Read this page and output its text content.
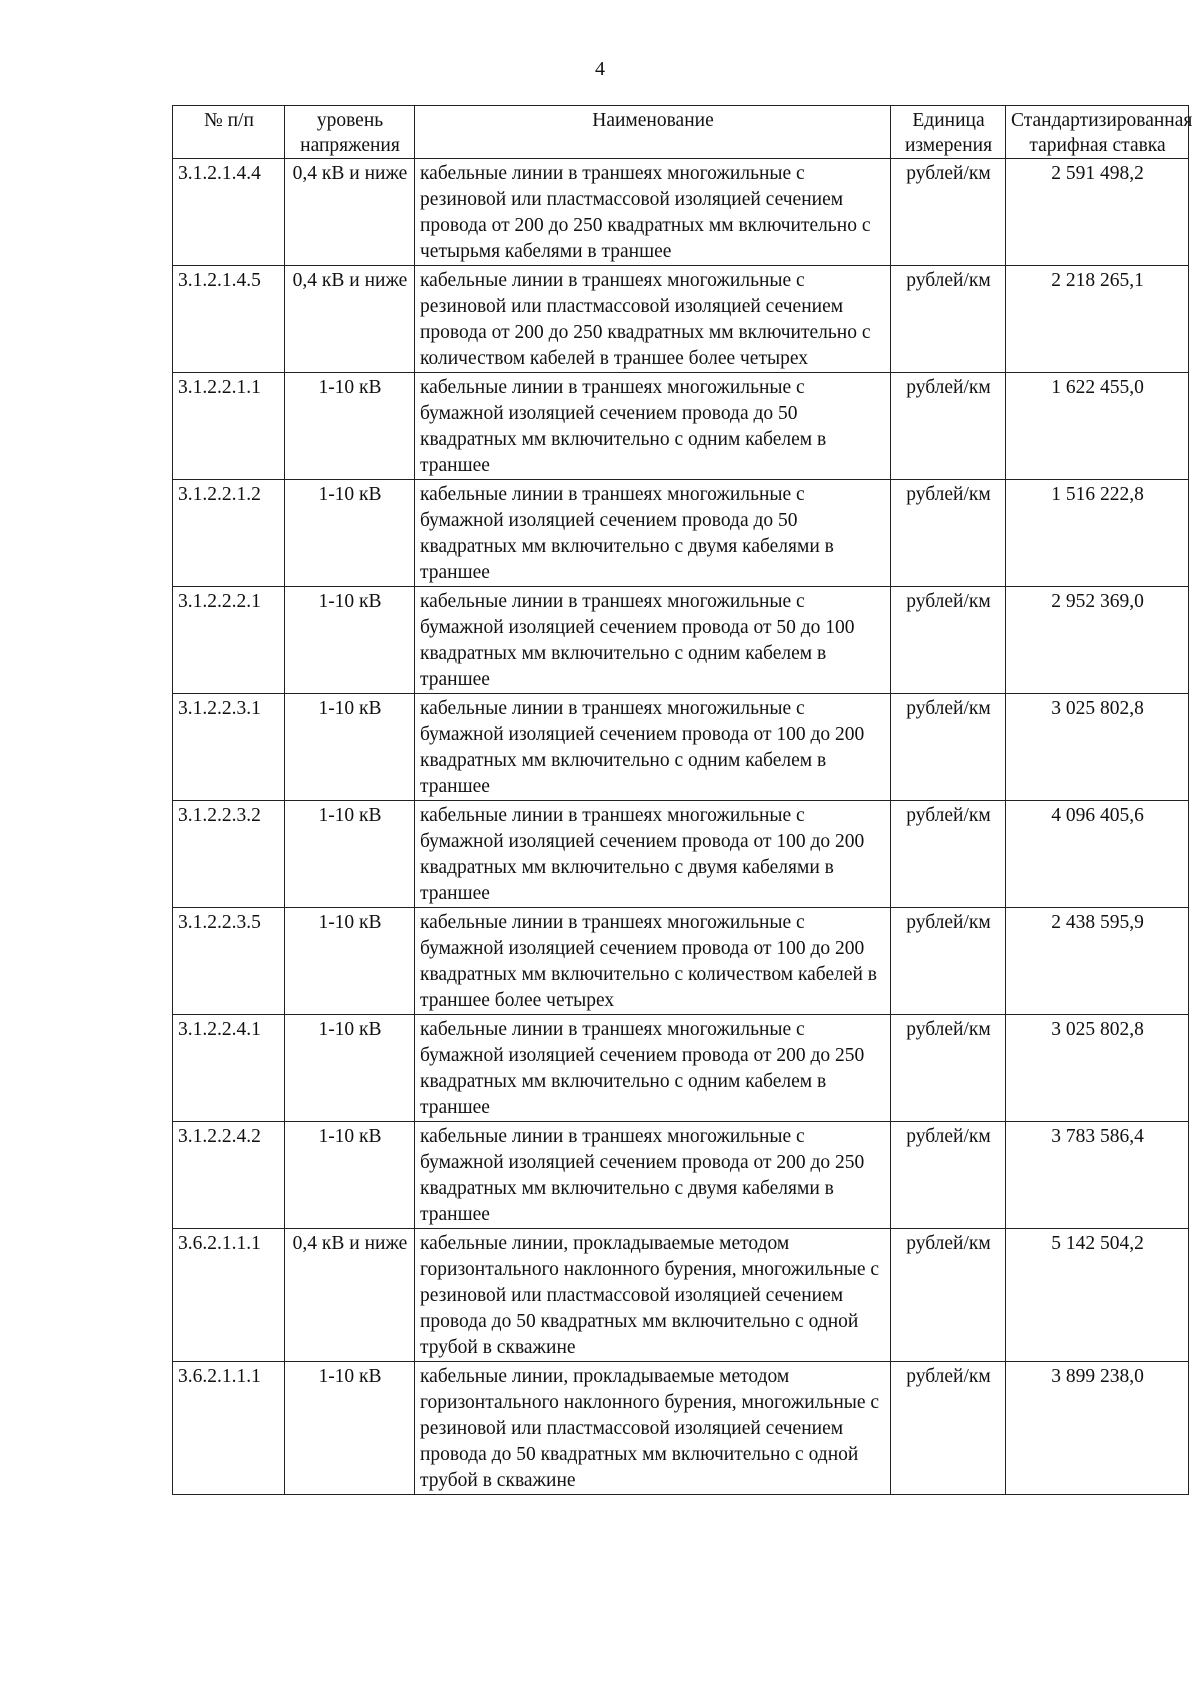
4
№ п/п	уровень напряжения	Наименование	Единица измерения	Стандартизированная тарифная ставка
3.1.2.1.4.4	0,4 кВ и ниже	кабельные линии в траншеях многожильные с резиновой или пластмассовой изоляцией сечением провода от 200 до 250 квадратных мм включительно с четырьмя кабелями в траншее	рублей/км	2 591 498,2
3.1.2.1.4.5	0,4 кВ и ниже	кабельные линии в траншеях многожильные с резиновой или пластмассовой изоляцией сечением провода от 200 до 250 квадратных мм включительно с количеством кабелей в траншее более четырех	рублей/км	2 218 265,1
3.1.2.2.1.1	1-10 кВ	кабельные линии в траншеях многожильные с бумажной изоляцией сечением провода до 50 квадратных мм включительно с одним кабелем в траншее	рублей/км	1 622 455,0
3.1.2.2.1.2	1-10 кВ	кабельные линии в траншеях многожильные с бумажной изоляцией сечением провода до 50 квадратных мм включительно с двумя кабелями в траншее	рублей/км	1 516 222,8
3.1.2.2.2.1	1-10 кВ	кабельные линии в траншеях многожильные с бумажной изоляцией сечением провода от 50 до 100 квадратных мм включительно с одним кабелем в траншее	рублей/км	2 952 369,0
3.1.2.2.3.1	1-10 кВ	кабельные линии в траншеях многожильные с бумажной изоляцией сечением провода от 100 до 200 квадратных мм включительно с одним кабелем в траншее	рублей/км	3 025 802,8
3.1.2.2.3.2	1-10 кВ	кабельные линии в траншеях многожильные с бумажной изоляцией сечением провода от 100 до 200 квадратных мм включительно с двумя кабелями в траншее	рублей/км	4 096 405,6
3.1.2.2.3.5	1-10 кВ	кабельные линии в траншеях многожильные с бумажной изоляцией сечением провода от 100 до 200 квадратных мм включительно с количеством кабелей в траншее более четырех	рублей/км	2 438 595,9
3.1.2.2.4.1	1-10 кВ	кабельные линии в траншеях многожильные с бумажной изоляцией сечением провода от 200 до 250 квадратных мм включительно с одним кабелем в траншее	рублей/км	3 025 802,8
3.1.2.2.4.2	1-10 кВ	кабельные линии в траншеях многожильные с бумажной изоляцией сечением провода от 200 до 250 квадратных мм включительно с двумя кабелями в траншее	рублей/км	3 783 586,4
3.6.2.1.1.1	0,4 кВ и ниже	кабельные линии, прокладываемые методом горизонтального наклонного бурения, многожильные с резиновой или пластмассовой изоляцией сечением провода до 50 квадратных мм включительно с одной трубой в скважине	рублей/км	5 142 504,2
3.6.2.1.1.1	1-10 кВ	кабельные линии, прокладываемые методом горизонтального наклонного бурения, многожильные с резиновой или пластмассовой изоляцией сечением провода до 50 квадратных мм включительно с одной трубой в скважине	рублей/км	3 899 238,0
